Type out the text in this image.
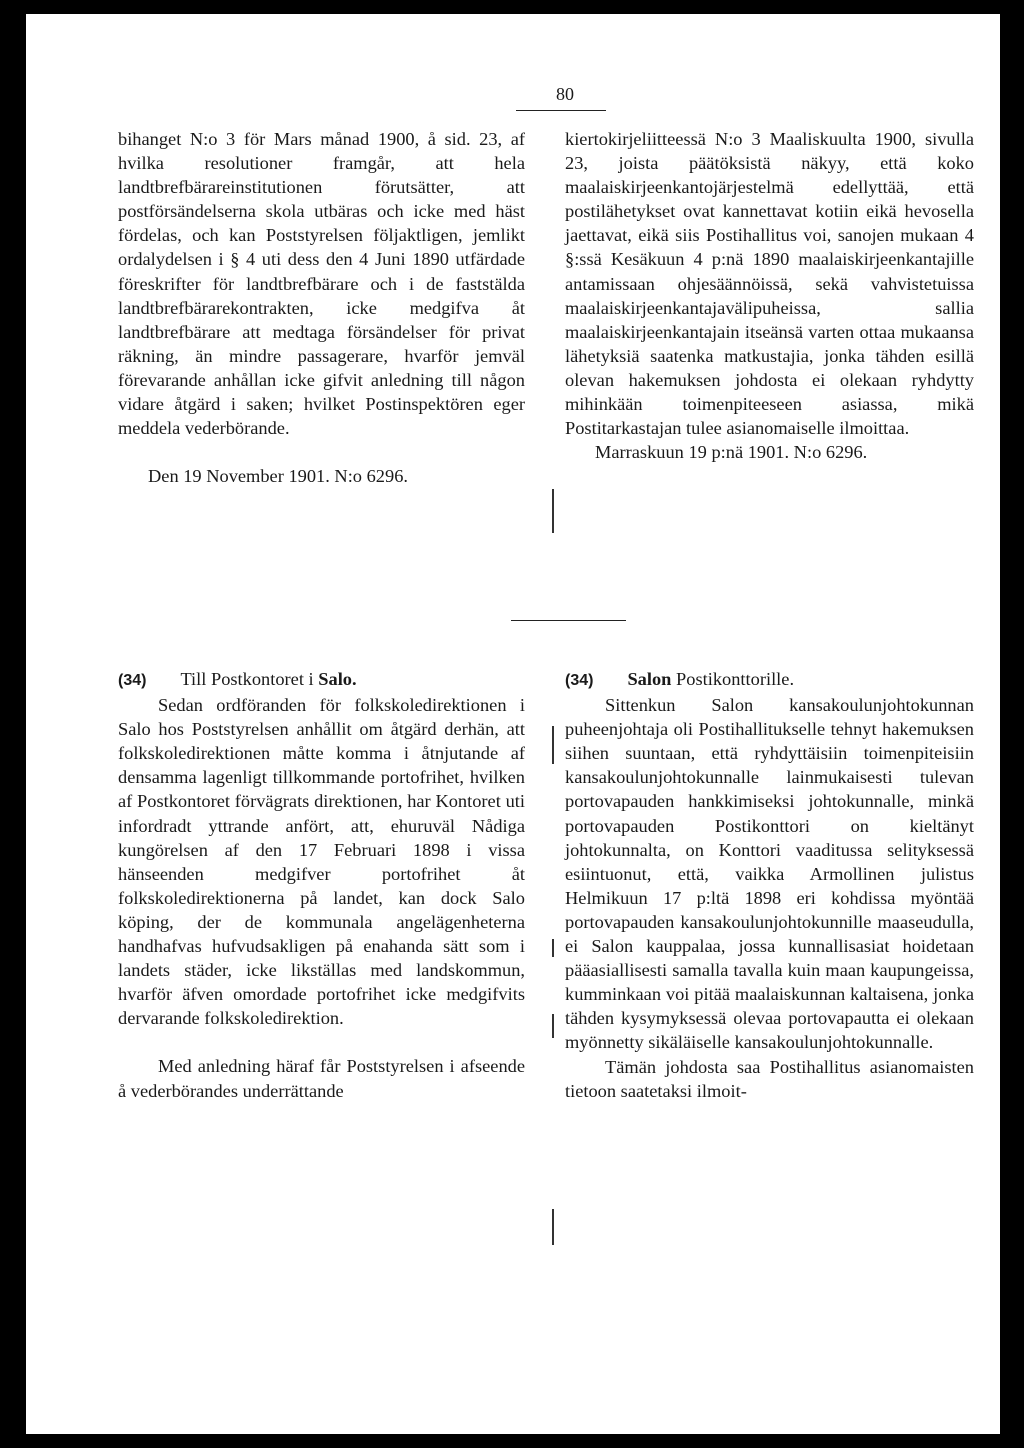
80

bihanget N:o 3 för Mars månad 1900, å sid. 23, af hvilka resolutioner framgår, att hela landtbrefbärareinstitutionen förutsätter, att postförsändelserna skola utbäras och icke med häst fördelas, och kan Poststyrelsen följaktligen, jemlikt ordalydelsen i § 4 uti dess den 4 Juni 1890 utfärdade föreskrifter för landtbrefbärare och i de faststälda landtbrefbärarekontrakten, icke medgifva åt landtbrefbärare att medtaga försändelser för privat räkning, än mindre passagerare, hvarför jemväl förevarande anhållan icke gifvit anledning till någon vidare åtgärd i saken; hvilket Postinspektören eger meddela vederbörande.

Den 19 November 1901. N:o 6296.

kiertokirjeliitteessä N:o 3 Maaliskuulta 1900, sivulla 23, joista päätöksistä näkyy, että koko maalaiskirjeenkantojärjestelmä edellyttää, että postilähetykset ovat kannettavat kotiin eikä hevosella jaettavat, eikä siis Postihallitus voi, sanojen mukaan 4 §:ssä Kesäkuun 4 p:nä 1890 maalaiskirjeenkantajille antamissaan ohjesäännöissä, sekä vahvistetuissa maalaiskirjeenkantajavälipuheissa, sallia maalaiskirjeenkantajain itseänsä varten ottaa mukaansa lähetyksiä saatenka matkustajia, jonka tähden esillä olevan hakemuksen johdosta ei olekaan ryhdytty mihinkään toimenpiteeseen asiassa, mikä Postitarkastajan tulee asianomaiselle ilmoittaa.

Marraskuun 19 p:nä 1901. N:o 6296.

(34) Till Postkontoret i Salo.

Sedan ordföranden för folkskoledirektionen i Salo hos Poststyrelsen anhållit om åtgärd derhän, att folkskoledirektionen måtte komma i åtnjutande af densamma lagenligt tillkommande portofrihet, hvilken af Postkontoret förvägrats direktionen, har Kontoret uti infordradt yttrande anfört, att, ehuruväl Nådiga kungörelsen af den 17 Februari 1898 i vissa hänseenden medgifver portofrihet åt folkskoledirektionerna på landet, kan dock Salo köping, der de kommunala angelägenheterna handhafvas hufvudsakligen på enahanda sätt som i landets städer, icke likställas med landskommun, hvarför äfven omordade portofrihet icke medgifvits dervarande folkskoledirektion.

Med anledning häraf får Poststyrelsen i afseende å vederbörandes underrättande

(34) Salon Postikonttorille.

Sittenkun Salon kansakoulunjohtokunnan puheenjohtaja oli Postihallitukselle tehnyt hakemuksen siihen suuntaan, että ryhdyttäisiin toimenpiteisiin kansakoulunjohtokunnalle lainmukaisesti tulevan portovapauden hankkimiseksi johtokunnalle, minkä portovapauden Postikonttori on kieltänyt johtokunnalta, on Konttori vaaditussa selityksessä esiintuonut, että, vaikka Armollinen julistus Helmikuun 17 p:ltä 1898 eri kohdissa myöntää portovapauden kansakoulunjohtokunnille maaseudulla, ei Salon kauppalaa, jossa kunnallisasiat hoidetaan pääasiallisesti samalla tavalla kuin maan kaupungeissa, kumminkaan voi pitää maalaiskunnan kaltaisena, jonka tähden kysymyksessä olevaa portovapautta ei olekaan myönnetty sikäläiselle kansakoulunjohtokunnalle.

Tämän johdosta saa Postihallitus asianomaisten tietoon saatetaksi ilmoit-
